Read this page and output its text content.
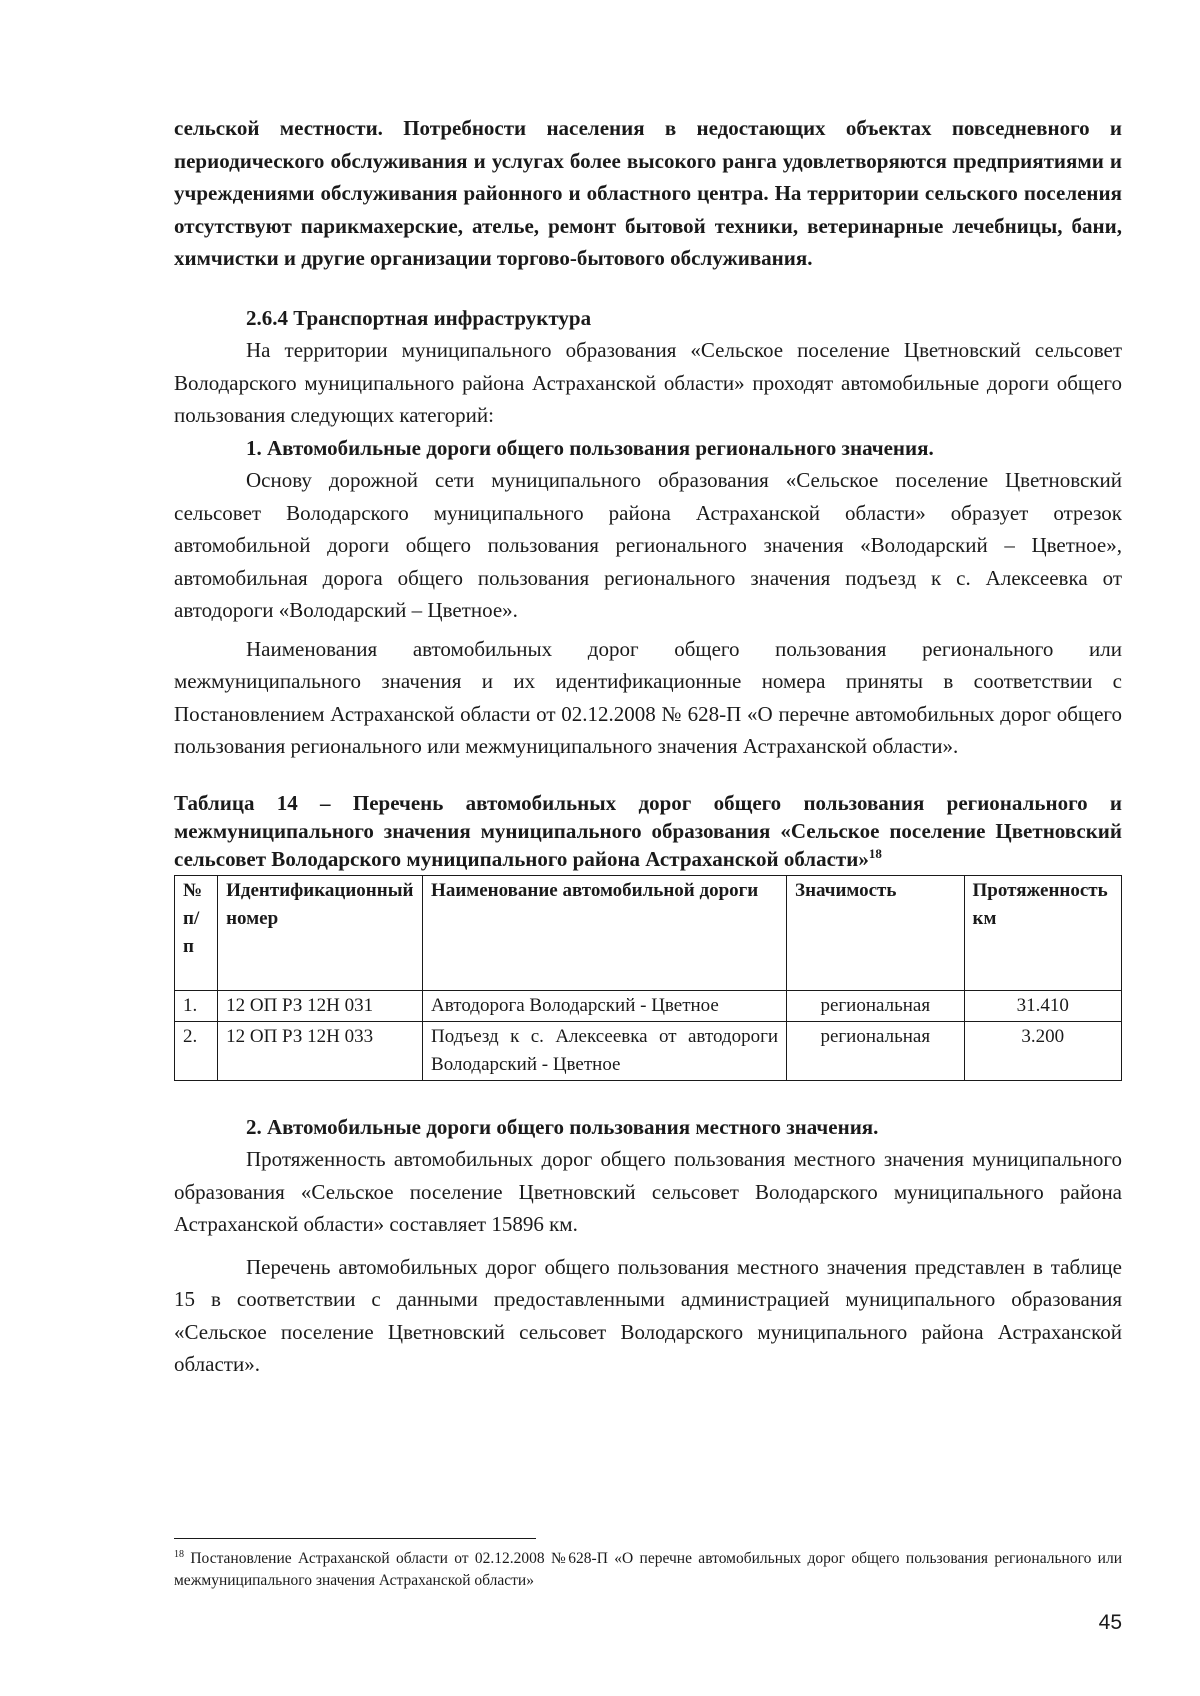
сельской местности. Потребности населения в недостающих объектах повседневного и периодического обслуживания и услугах более высокого ранга удовлетворяются предприятиями и учреждениями обслуживания районного и областного центра. На территории сельского поселения отсутствуют парикмахерские, ателье, ремонт бытовой техники, ветеринарные лечебницы, бани, химчистки и другие организации торгово-бытового обслуживания.

2.6.4 Транспортная инфраструктура

На территории муниципального образования «Сельское поселение Цветновский сельсовет Володарского муниципального района Астраханской области» проходят автомобильные дороги общего пользования следующих категорий:

1. Автомобильные дороги общего пользования регионального значения.

Основу дорожной сети муниципального образования «Сельское поселение Цветновский сельсовет Володарского муниципального района Астраханской области» образует отрезок автомобильной дороги общего пользования регионального значения «Володарский – Цветное», автомобильная дорога общего пользования регионального значения подъезд к с. Алексеевка от автодороги «Володарский – Цветное».

Наименования автомобильных дорог общего пользования регионального или межмуниципального значения и их идентификационные номера приняты в соответствии с Постановлением Астраханской области от 02.12.2008 № 628-П «О перечне автомобильных дорог общего пользования регионального или межмуниципального значения Астраханской области».

Таблица 14 – Перечень автомобильных дорог общего пользования регионального и межмуниципального значения муниципального образования «Сельское поселение Цветновский сельсовет Володарского муниципального района Астраханской области»$^{18}$

№ п/п	Идентификационный номер	Наименование автомобильной дороги	Значимость	Протяженность км
1.	12 ОП РЗ 12Н 031	Автодорога Володарский - Цветное	региональная	31.410
2.	12 ОП РЗ 12Н 033	Подъезд к с. Алексеевка от автодороги Володарский - Цветное	региональная	3.200

2. Автомобильные дороги общего пользования местного значения.

Протяженность автомобильных дорог общего пользования местного значения муниципального образования «Сельское поселение Цветновский сельсовет Володарского муниципального района Астраханской области» составляет 15896 км.

Перечень автомобильных дорог общего пользования местного значения представлен в таблице 15 в соответствии с данными предоставленными администрацией муниципального образования «Сельское поселение Цветновский сельсовет Володарского муниципального района Астраханской области».

$^{18}$ Постановление Астраханской области от 02.12.2008 №628-П «О перечне автомобильных дорог общего пользования регионального или межмуниципального значения Астраханской области»
45
